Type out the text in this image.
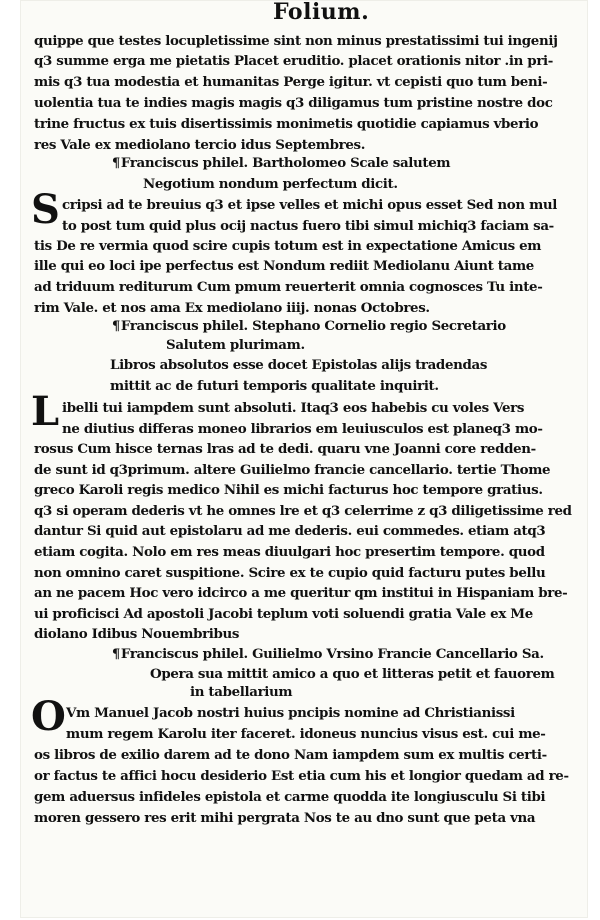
Folium.
quippe que testes locupletissime sint non minus prestatissimi tui ingenij
q3 summe erga me pietatis Placet eruditio. placet orationis nitor .in pri-
mis q3 tua modestia et humanitas Perge igitur. vt cepisti quo tum beni-
uolentia tua te indies magis magis q3 diligamus tum pristine nostre doc
trine fructus ex tuis disertissimis monimetis quotidie capiamus vberio
res Vale ex mediolano tercio idus Septembres.
¶Franciscus philel. Bartholomeo Scale salutem
Negotium nondum perfectum dicit.
S cripsi ad te breuius q3 et ipse velles et michi opus esset Sed non mul
to post tum quid plus ocij nactus fuero tibi simul michiq3 faciam sa-
tis De re vermia quod scire cupis totum est in expectatione Amicus em
ille qui eo loci ipe perfectus est Nondum rediit Mediolanu Aiunt tame
ad triduum rediturum Cum pmum reuerterit omnia cognosces Tu inte-
rim Vale. et nos ama Ex mediolano iiij. nonas Octobres.
¶Franciscus philel. Stephano Cornelio regio Secretario
Salutem plurimam.
Libros absolutos esse docet Epistolas alijs tradendas
mittit ac de futuri temporis qualitate inquirit.
L ibelli tui iampdem sunt absoluti. Itaq3 eos habebis cu voles Vers
ne diutius differas moneo librarios em leuiusculos est planeq3 mo-
rosus Cum hisce ternas lras ad te dedi. quaru vne Joanni core redden-
de sunt id q3primum. altere Guilielmo francie cancellario. tertie Thome
greco Karoli regis medico Nihil es michi facturus hoc tempore gratius.
q3 si operam dederis vt he omnes lre et q3 celerrime z q3 diligetissime red
dantur Si quid aut epistolaru ad me dederis. eui commedes. etiam atq3
etiam cogita. Nolo em res meas diuulgari hoc presertim tempore. quod
non omnino caret suspitione. Scire ex te cupio quid facturu putes bellu
an ne pacem Hoc vero idcirco a me queritur qm institui in Hispaniam bre-
ui proficisci Ad apostoli Jacobi teplum voti soluendi gratia Vale ex Me
diolano Idibus Nouembribus
¶Franciscus philel. Guilielmo Vrsino Francie Cancellario Sa.
Opera sua mittit amico a quo et litteras petit et fauorem
in tabellarium
O Vm Manuel Jacob nostri huius pncipis nomine ad Christianissi
mum regem Karolu iter faceret. idoneus nuncius visus est. cui me-
os libros de exilio darem ad te dono Nam iampdem sum ex multis certi-
or factus te affici hocu desiderio Est etia cum his et longior quedam ad re-
gem aduersus infideles epistola et carme quodda ite longiusculu Si tibi
moren gessero res erit mihi pergrata Nos te au dno sunt que peta vna
